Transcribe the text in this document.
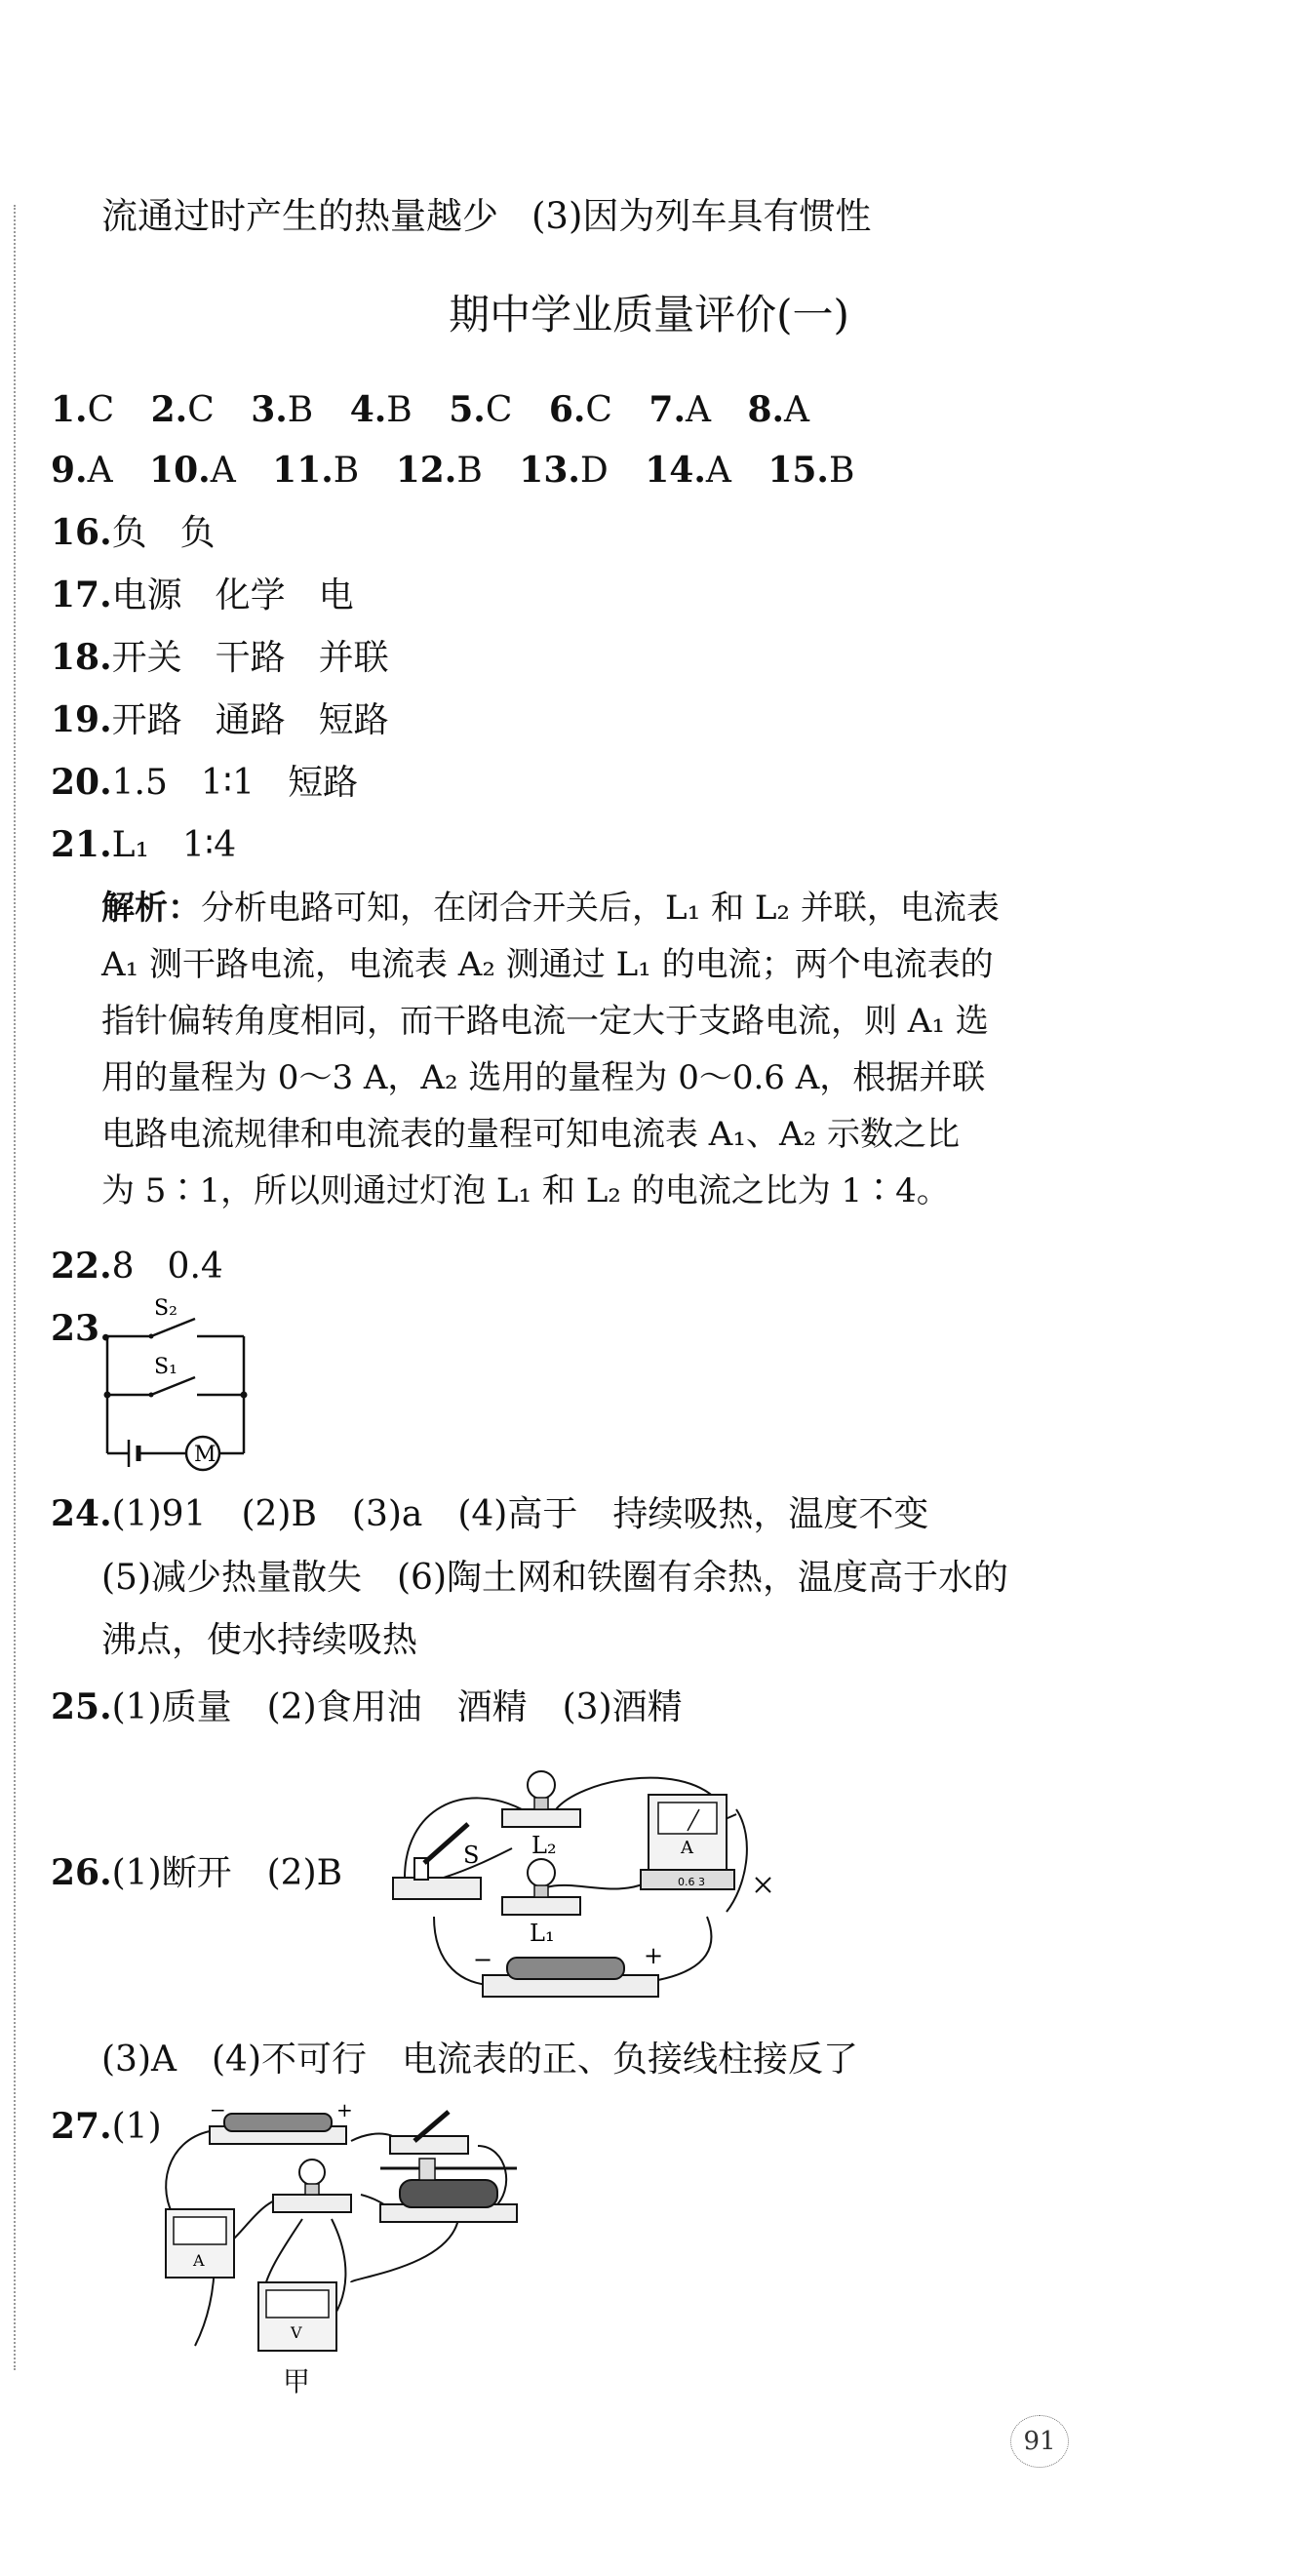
流通过时产生的热量越少 (3)因为列车具有惯性
期中学业质量评价(一)
1.C 2.C 3.B 4.B 5.C 6.C 7.A 8.A
9.A 10.A 11.B 12.B 13.D 14.A 15.B
16.负 负
17.电源 化学 电
18.开关 干路 并联
19.开路 通路 短路
20.1.5 1∶1 短路
21.L₁ 1∶4
解析：分析电路可知，在闭合开关后，L₁ 和 L₂ 并联，电流表
A₁ 测干路电流，电流表 A₂ 测通过 L₁ 的电流；两个电流表的
指针偏转角度相同，而干路电流一定大于支路电流，则 A₁ 选
用的量程为 0～3 A，A₂ 选用的量程为 0～0.6 A，根据并联
电路电流规律和电流表的量程可知电流表 A₁、A₂ 示数之比
为 5∶1，所以则通过灯泡 L₁ 和 L₂ 的电流之比为 1∶4。
22.8 0.4
23. S₂
S₁
M
24.(1)91　(2)B　(3)a　(4)高于　持续吸热，温度不变
(5)减少热量散失　(6)陶土网和铁圈有余热，温度高于水的
沸点，使水持续吸热
25.(1)质量　(2)食用油　酒精　(3)酒精
26.(1)断开　(2)B	S L₂
L₁
A
0.6 3
−	+
(3)A　(4)不可行　电流表的正、负接线柱接反了
27.(1) −	+
A
V
甲
91
